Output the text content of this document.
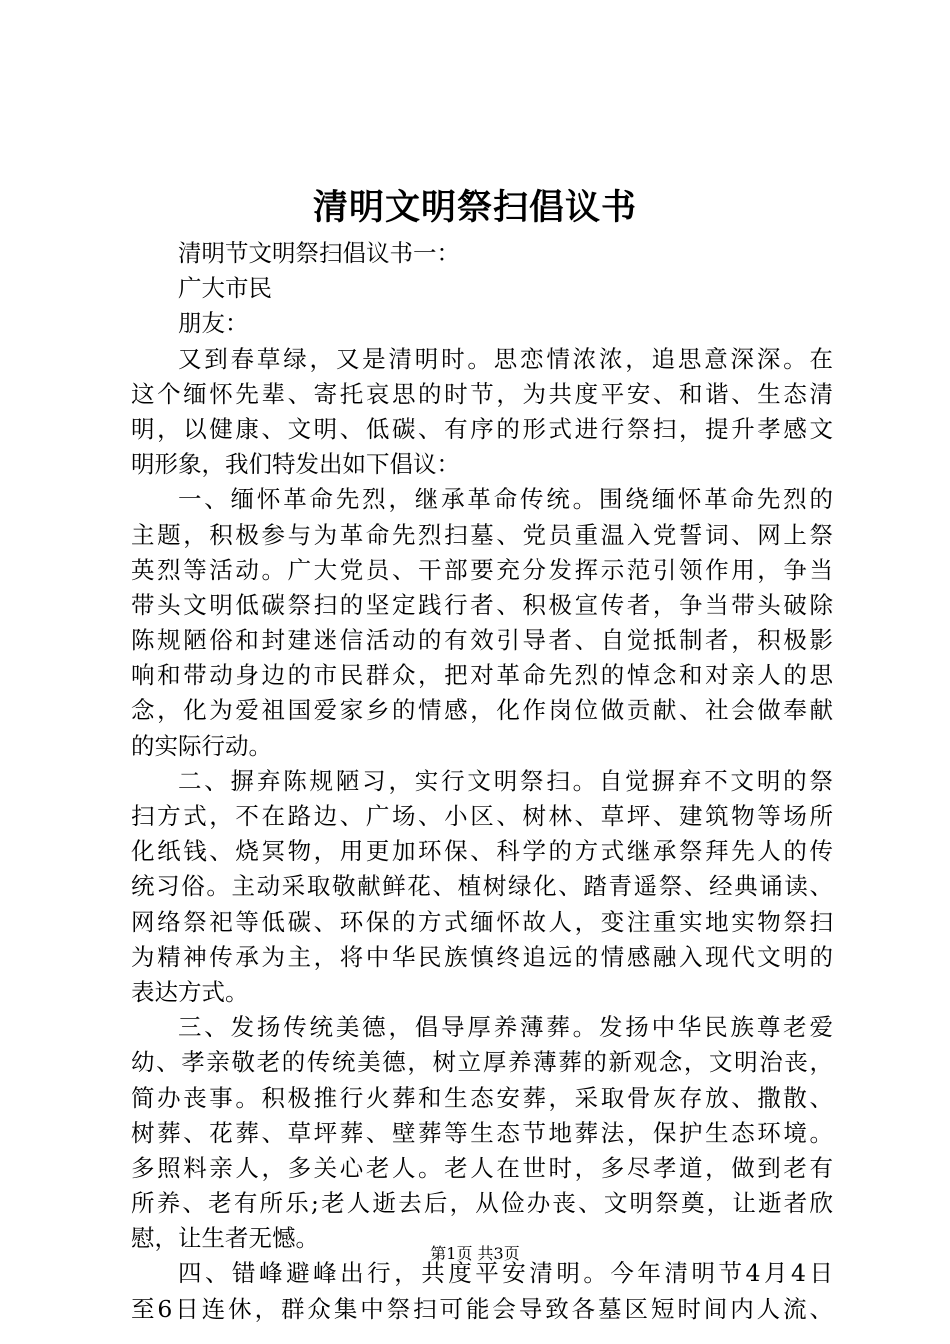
清明文明祭扫倡议书
清明节文明祭扫倡议书一：
广大市民
朋友：
又到春草绿，又是清明时。思恋情浓浓，追思意深深。在
这个缅怀先辈、寄托哀思的时节，为共度平安、和谐、生态清
明，以健康、文明、低碳、有序的形式进行祭扫，提升孝感文
明形象，我们特发出如下倡议：
一、缅怀革命先烈，继承革命传统。围绕缅怀革命先烈的
主题，积极参与为革命先烈扫墓、党员重温入党誓词、网上祭
英烈等活动。广大党员、干部要充分发挥示范引领作用，争当
带头文明低碳祭扫的坚定践行者、积极宣传者，争当带头破除
陈规陋俗和封建迷信活动的有效引导者、自觉抵制者，积极影
响和带动身边的市民群众，把对革命先烈的悼念和对亲人的思
念，化为爱祖国爱家乡的情感，化作岗位做贡献、社会做奉献
的实际行动。
二、摒弃陈规陋习，实行文明祭扫。自觉摒弃不文明的祭
扫方式，不在路边、广场、小区、树林、草坪、建筑物等场所
化纸钱、烧冥物，用更加环保、科学的方式继承祭拜先人的传
统习俗。主动采取敬献鲜花、植树绿化、踏青遥祭、经典诵读、
网络祭祀等低碳、环保的方式缅怀故人，变注重实地实物祭扫
为精神传承为主，将中华民族慎终追远的情感融入现代文明的
表达方式。
三、发扬传统美德，倡导厚养薄葬。发扬中华民族尊老爱
幼、孝亲敬老的传统美德，树立厚养薄葬的新观念，文明治丧，
简办丧事。积极推行火葬和生态安葬，采取骨灰存放、撒散、
树葬、花葬、草坪葬、壁葬等生态节地葬法，保护生态环境。
多照料亲人，多关心老人。老人在世时，多尽孝道，做到老有
所养、老有所乐;老人逝去后，从俭办丧、文明祭奠，让逝者欣
慰，让生者无憾。
四、错峰避峰出行，共度平安清明。今年清明节4月4日
至6日连休，群众集中祭扫可能会导致各墓区短时间内人流、
第1页 共3页
